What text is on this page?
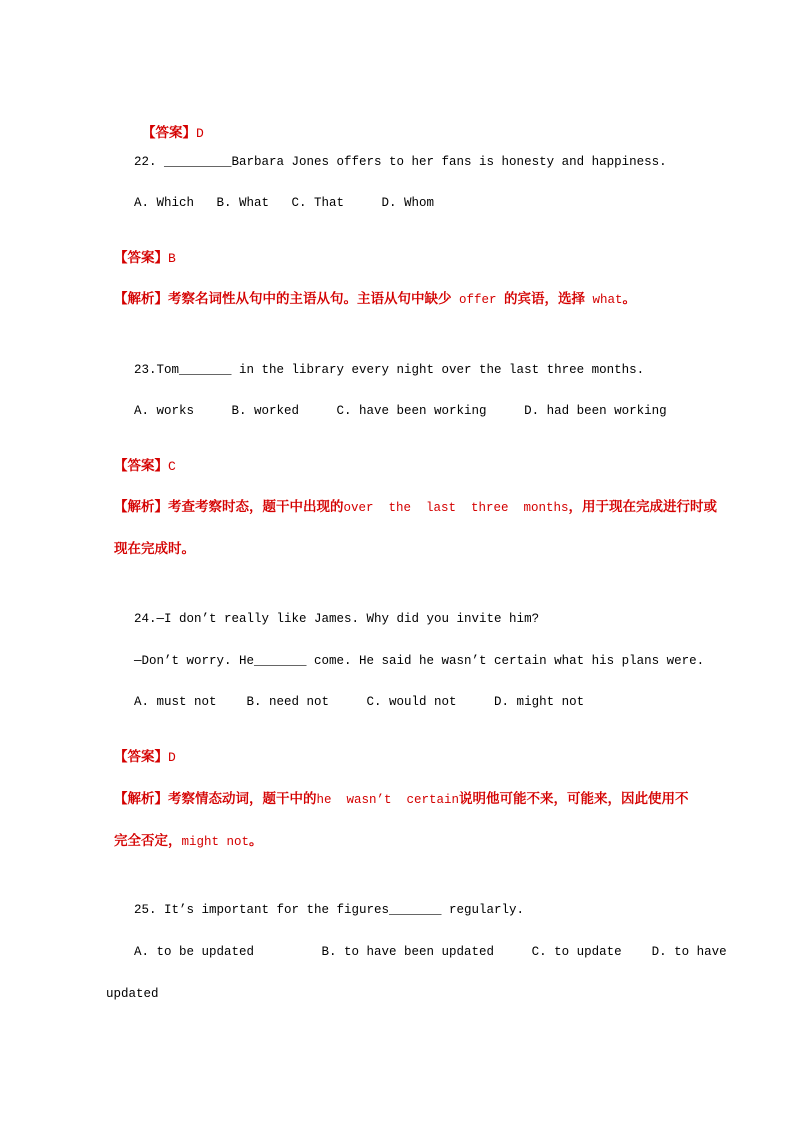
【答案】D

22. _________Barbara Jones offers to her fans is honesty and happiness.
A. Which   B. What   C. That     D. Whom

【答案】B

【解析】考察名词性从句中的主语从句。主语从句中缺少 offer 的宾语，选择 what。

23.Tom_______ in the library every night over the last three months.
A. works     B. worked     C. have been working     D. had been working

【答案】C

【解析】考查考察时态，题干中出现的over  the  last  three  months，用于现在完成进行时或

现在完成时。

24.—I don’t really like James. Why did you invite him?
—Don’t worry. He_______ come. He said he wasn’t certain what his plans were.
A. must not    B. need not     C. would not     D. might not

【答案】D

【解析】考察情态动词，题干中的he  wasn’t  certain说明他可能不来，可能来，因此使用不

完全否定，might not。

25. It’s important for the figures_______ regularly.
A. to be updated         B. to have been updated     C. to update    D. to have
updated
